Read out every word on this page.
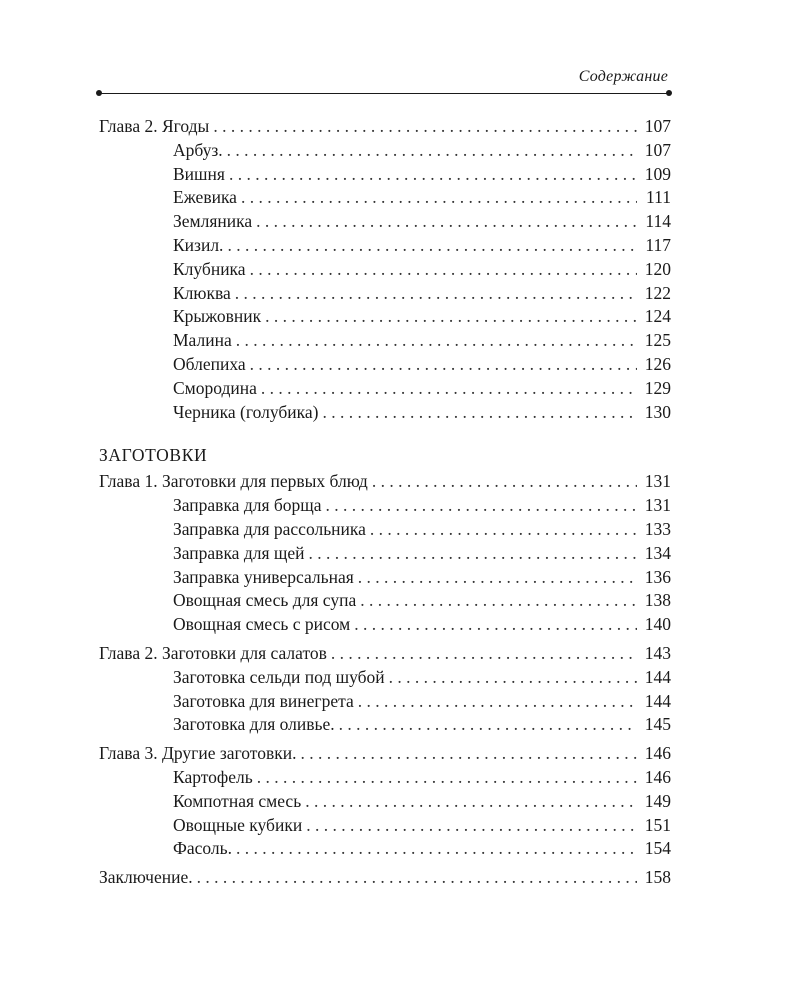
Содержание
Глава 2. Ягоды . . .	107
Арбуз. . . .	107
Вишня . . .	109
Ежевика . . .	111
Земляника . . .	114
Кизил. . . .	117
Клубника . . .	120
Клюква . . .	122
Крыжовник . . .	124
Малина . . .	125
Облепиха . . .	126
Смородина . . .	129
Черника (голубика) . . .	130
ЗАГОТОВКИ
Глава 1. Заготовки для первых блюд . . .	131
Заправка для борща . . .	131
Заправка для рассольника . . .	133
Заправка для щей . . .	134
Заправка универсальная . . .	136
Овощная смесь для супа . . .	138
Овощная смесь с рисом . . .	140
Глава 2. Заготовки для салатов . . .	143
Заготовка сельди под шубой . . .	144
Заготовка для винегрета . . .	144
Заготовка для оливье. . . .	145
Глава 3. Другие заготовки. . . .	146
Картофель . . .	146
Компотная смесь . . .	149
Овощные кубики . . .	151
Фасоль. . . .	154
Заключение. . . .	158
